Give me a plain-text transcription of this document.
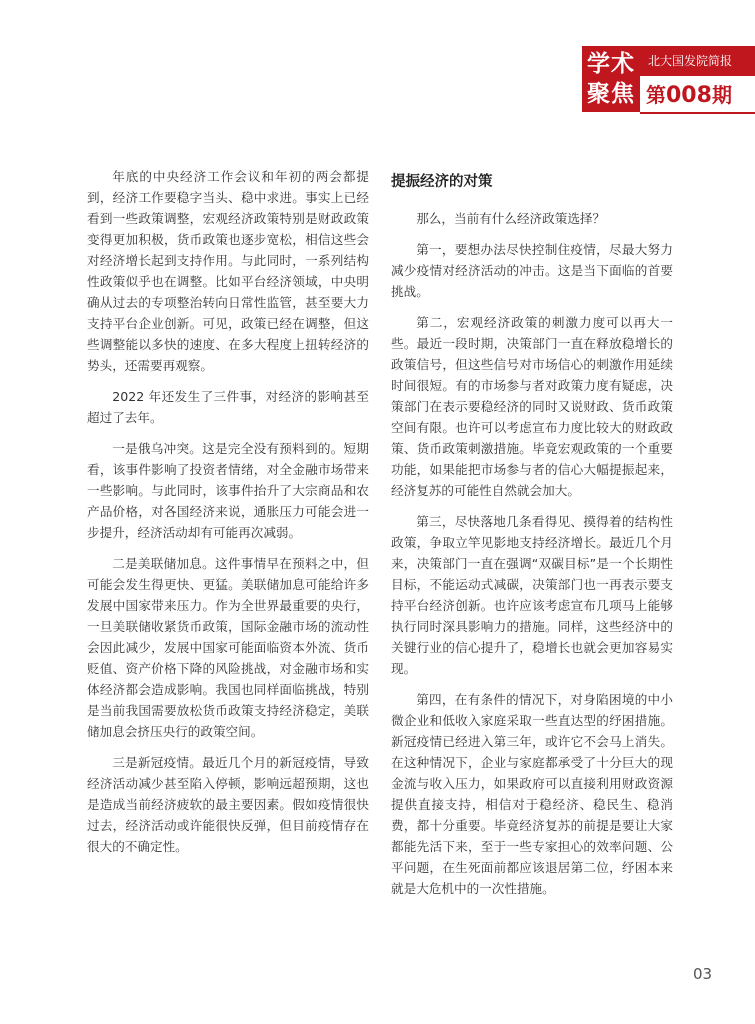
学术
聚焦
北大国发院简报
第008期

年底的中央经济工作会议和年初的两会都提到，经济工作要稳字当头、稳中求进。事实上已经看到一些政策调整，宏观经济政策特别是财政政策变得更加积极，货币政策也逐步宽松，相信这些会对经济增长起到支持作用。与此同时，一系列结构性政策似乎也在调整。比如平台经济领域，中央明确从过去的专项整治转向日常性监管，甚至要大力支持平台企业创新。可见，政策已经在调整，但这些调整能以多快的速度、在多大程度上扭转经济的势头，还需要再观察。

2022 年还发生了三件事，对经济的影响甚至超过了去年。

一是俄乌冲突。这是完全没有预料到的。短期看，该事件影响了投资者情绪，对全金融市场带来一些影响。与此同时，该事件抬升了大宗商品和农产品价格，对各国经济来说，通胀压力可能会进一步提升，经济活动却有可能再次减弱。

二是美联储加息。这件事情早在预料之中，但可能会发生得更快、更猛。美联储加息可能给许多发展中国家带来压力。作为全世界最重要的央行，一旦美联储收紧货币政策，国际金融市场的流动性会因此减少，发展中国家可能面临资本外流、货币贬值、资产价格下降的风险挑战，对金融市场和实体经济都会造成影响。我国也同样面临挑战，特别是当前我国需要放松货币政策支持经济稳定，美联储加息会挤压央行的政策空间。

三是新冠疫情。最近几个月的新冠疫情，导致经济活动减少甚至陷入停顿，影响远超预期，这也是造成当前经济疲软的最主要因素。假如疫情很快过去，经济活动或许能很快反弹，但目前疫情存在很大的不确定性。

提振经济的对策

那么，当前有什么经济政策选择？

第一，要想办法尽快控制住疫情，尽最大努力减少疫情对经济活动的冲击。这是当下面临的首要挑战。

第二，宏观经济政策的刺激力度可以再大一些。最近一段时期，决策部门一直在释放稳增长的政策信号，但这些信号对市场信心的刺激作用延续时间很短。有的市场参与者对政策力度有疑虑，决策部门在表示要稳经济的同时又说财政、货币政策空间有限。也许可以考虑宣布力度比较大的财政政策、货币政策刺激措施。毕竟宏观政策的一个重要功能，如果能把市场参与者的信心大幅提振起来，经济复苏的可能性自然就会加大。

第三，尽快落地几条看得见、摸得着的结构性政策，争取立竿见影地支持经济增长。最近几个月来，决策部门一直在强调“双碳目标”是一个长期性目标，不能运动式减碳，决策部门也一再表示要支持平台经济创新。也许应该考虑宣布几项马上能够执行同时深具影响力的措施。同样，这些经济中的关键行业的信心提升了，稳增长也就会更加容易实现。

第四，在有条件的情况下，对身陷困境的中小微企业和低收入家庭采取一些直达型的纾困措施。新冠疫情已经进入第三年，或许它不会马上消失。在这种情况下，企业与家庭都承受了十分巨大的现金流与收入压力，如果政府可以直接利用财政资源提供直接支持，相信对于稳经济、稳民生、稳消费，都十分重要。毕竟经济复苏的前提是要让大家都能先活下来，至于一些专家担心的效率问题、公平问题，在生死面前都应该退居第二位，纾困本来就是大危机中的一次性措施。

03
